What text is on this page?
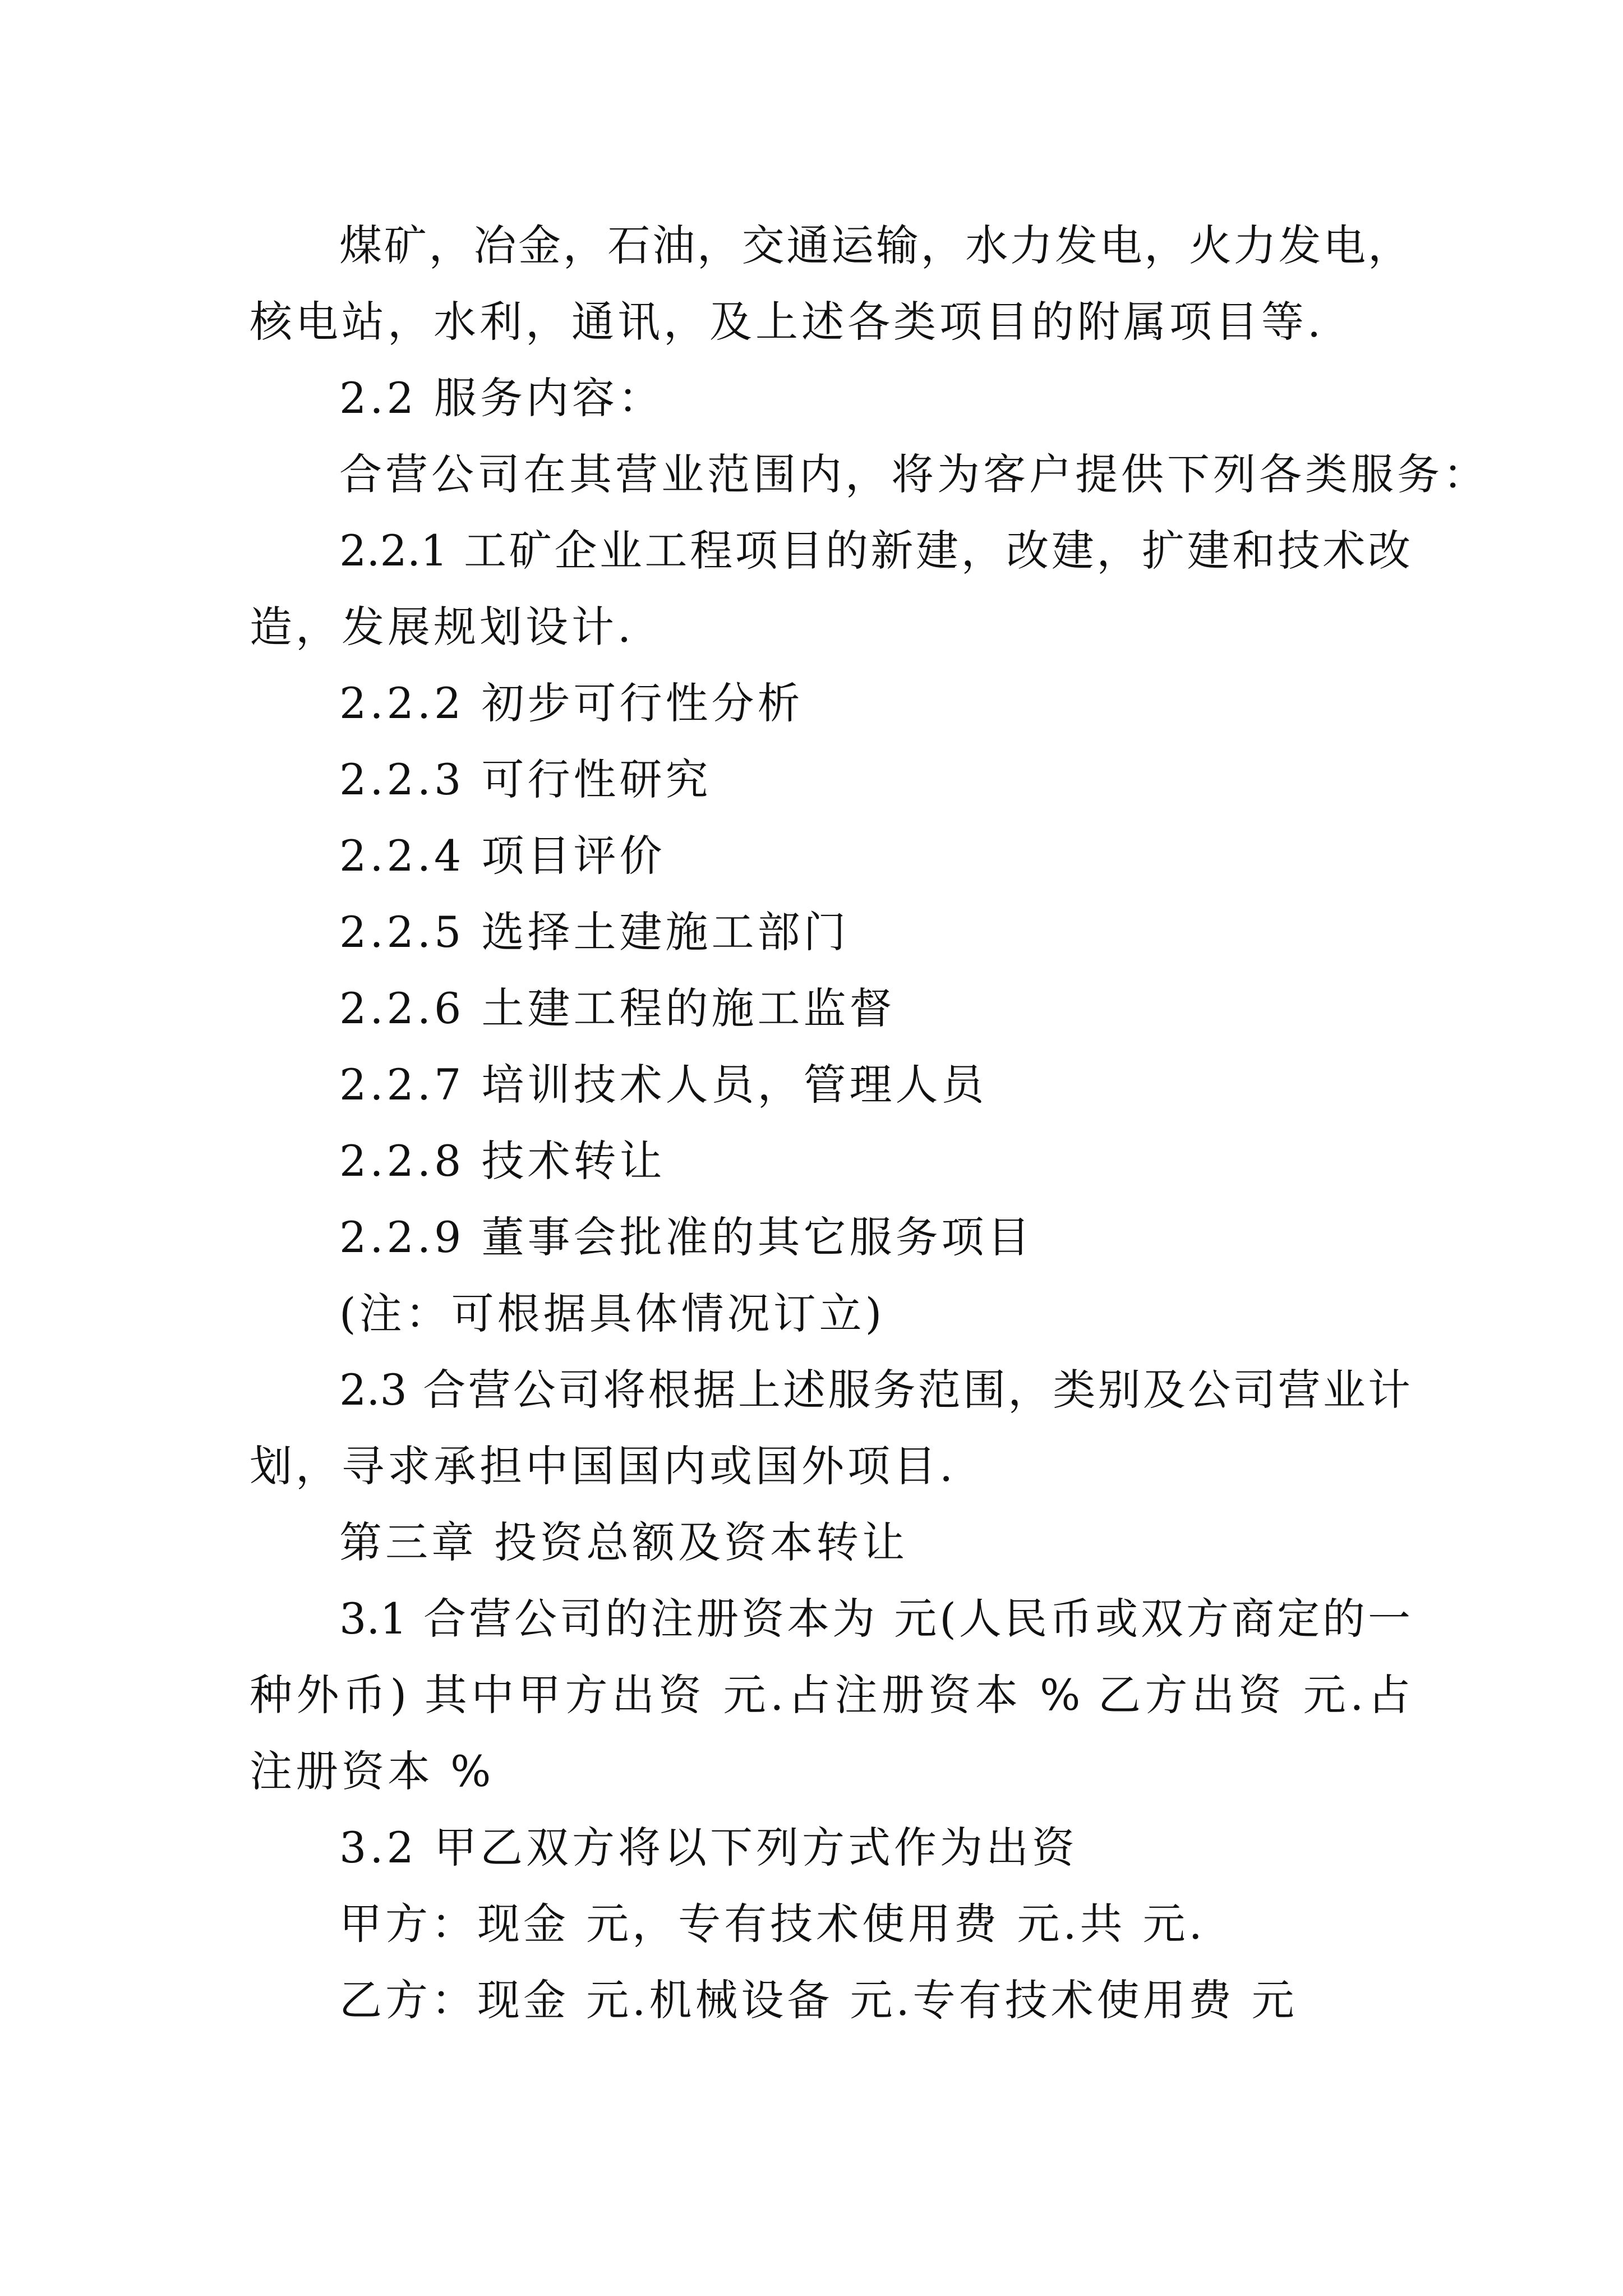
煤矿，冶金，石油，交通运输，水力发电，火力发电，
核电站，水利，通讯，及上述各类项目的附属项目等.
2.2 服务内容：
合营公司在其营业范围内，将为客户提供下列各类服务：
2.2.1 工矿企业工程项目的新建，改建，扩建和技术改
造，发展规划设计.
2.2.2 初步可行性分析
2.2.3 可行性研究
2.2.4 项目评价
2.2.5 选择土建施工部门
2.2.6 土建工程的施工监督
2.2.7 培训技术人员，管理人员
2.2.8 技术转让
2.2.9 董事会批准的其它服务项目
(注：可根据具体情况订立)
2.3 合营公司将根据上述服务范围，类别及公司营业计
划，寻求承担中国国内或国外项目.
第三章 投资总额及资本转让
3.1 合营公司的注册资本为 元(人民币或双方商定的一
种外币) 其中甲方出资 元.占注册资本 % 乙方出资 元.占
注册资本 %
3.2 甲乙双方将以下列方式作为出资
甲方：现金 元，专有技术使用费 元.共 元.
乙方：现金 元.机械设备 元.专有技术使用费 元
